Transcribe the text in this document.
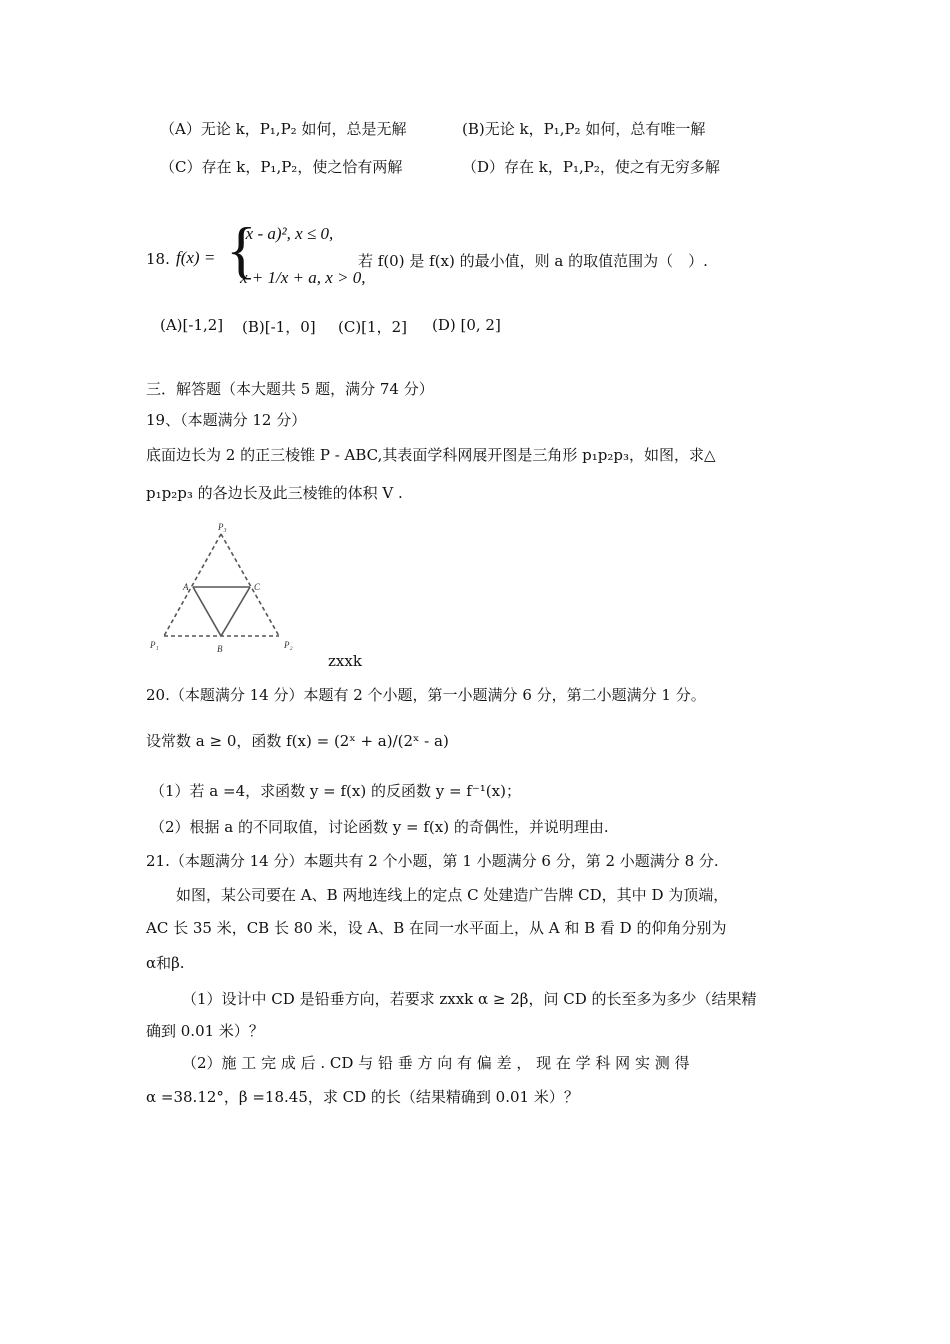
（A）无论 k，P₁,P₂ 如何，总是无解	(B)无论 k，P₁,P₂ 如何，总有唯一解
（C）存在 k，P₁,P₂，使之恰有两解	（D）存在 k，P₁,P₂，使之有无穷多解
18. f(x) = {
(x - a)², x ≤ 0,
x + 1/x + a, x > 0,
若 f(0) 是 f(x) 的最小值，则 a 的取值范围为（　）.
(A)[-1,2] (B)[-1，0] (C)[1，2] (D) [0, 2]
三．解答题（本大题共 5 题，满分 74 分）
19、（本题满分 12 分）
底面边长为 2 的正三棱锥 P - ABC,其表面学科网展开图是三角形 p₁p₂p₃，如图，求△
p₁p₂p₃ 的各边长及此三棱锥的体积 V .
P₃
A	C
P₁	B	P₂
zxxk
20.（本题满分 14 分）本题有 2 个小题，第一小题满分 6 分，第二小题满分 1 分。
设常数 a ≥ 0，函数 f(x) = (2ˣ + a)/(2ˣ - a)
（1）若 a =4，求函数 y = f(x) 的反函数 y = f⁻¹(x)；
（2）根据 a 的不同取值，讨论函数 y = f(x) 的奇偶性，并说明理由.
21.（本题满分 14 分）本题共有 2 个小题，第 1 小题满分 6 分，第 2 小题满分 8 分.
如图，某公司要在 A、B 两地连线上的定点 C 处建造广告牌 CD，其中 D 为顶端，
AC 长 35 米，CB 长 80 米，设 A、B 在同一水平面上，从 A 和 B 看 D 的仰角分别为
α和β.
（1）设计中 CD 是铅垂方向，若要求 zxxk α ≥ 2β，问 CD 的长至多为多少（结果精
确到 0.01 米）？
（2）施 工 完 成 后 . CD 与 铅 垂 方 向 有 偏 差 ， 现 在 学 科 网 实 测 得
α =38.12°，β =18.45，求 CD 的长（结果精确到 0.01 米）？
